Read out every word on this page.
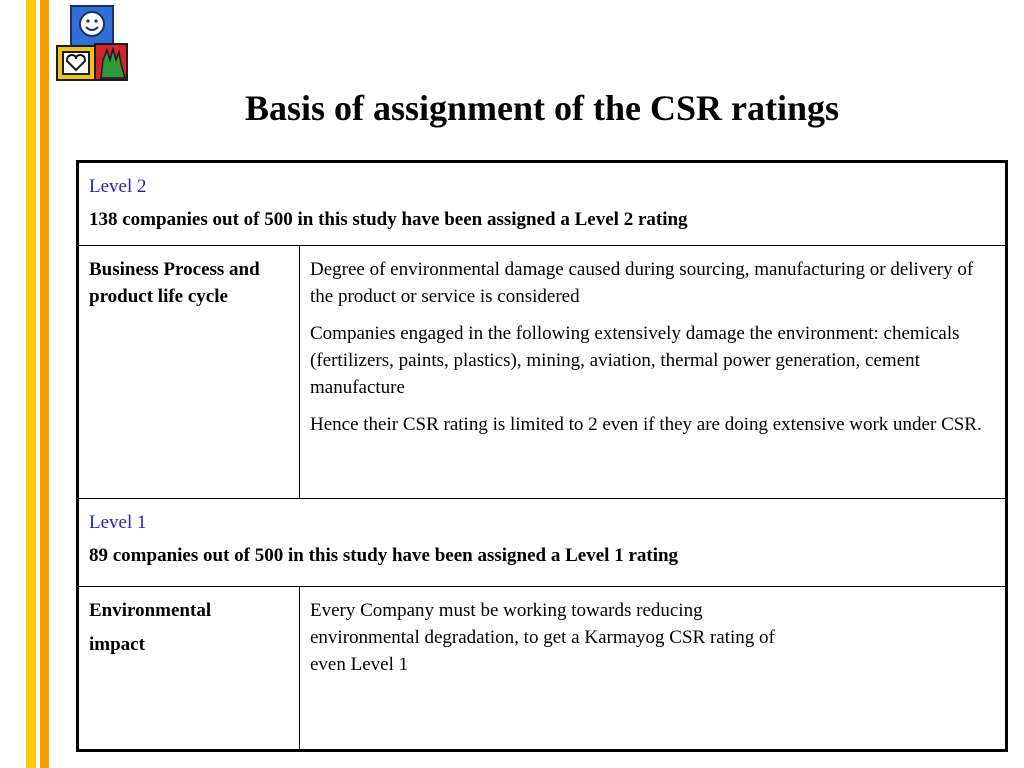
Basis of assignment of the CSR ratings

Level 2

138 companies out of 500 in this study have been assigned a Level 2 rating	

Business Process and product life cycle	Degree of environmental damage caused during sourcing, manufacturing or delivery of the product or service is considered

Companies engaged in the following extensively damage the environment: chemicals (fertilizers, paints, plastics), mining, aviation, thermal power generation, cement manufacture

Hence their CSR rating is limited to 2 even if they are doing extensive work under CSR.

Level 1

89 companies out of 500 in this study have been assigned a Level 1 rating	

Environmental

impact	Every Company must be working towards reducing environmental degradation, to get a Karmayog CSR rating of even Level 1
